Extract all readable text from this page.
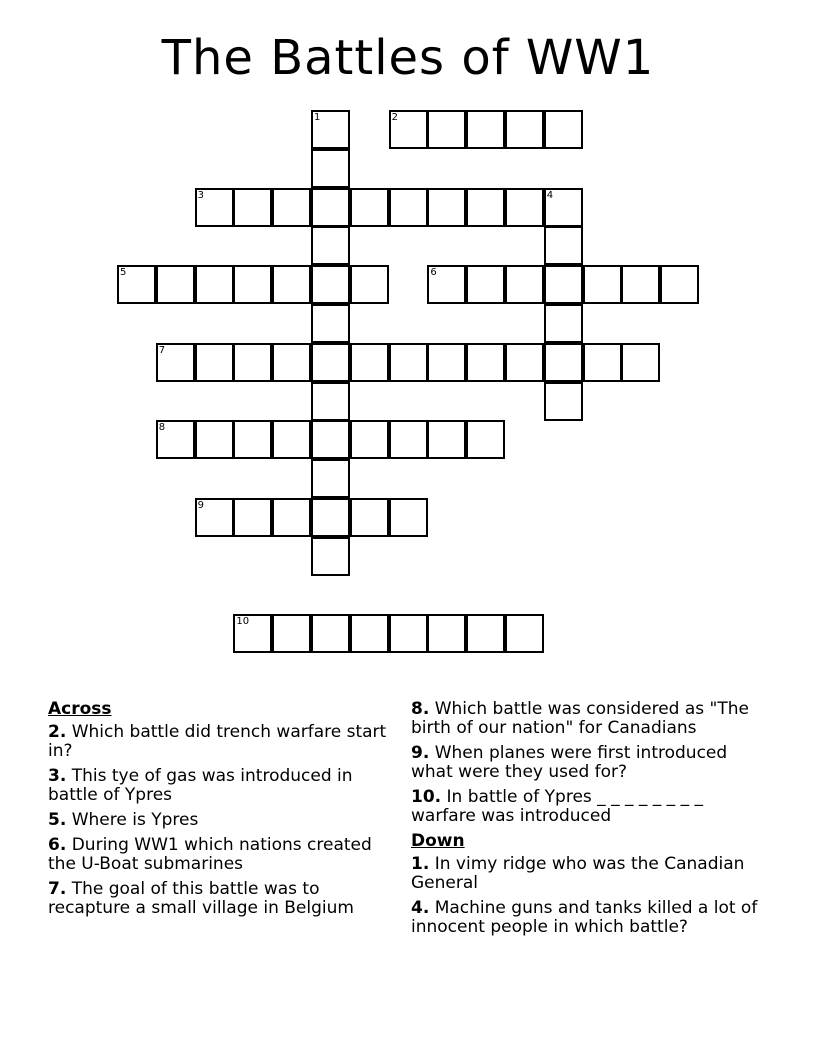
The Battles of WW1
1	2
3	4
5	6
7
8
9
10
Across
2. Which battle did trench warfare start in?
3. This tye of gas was introduced in battle of Ypres
5. Where is Ypres
6. During WW1 which nations created the U-Boat submarines
7. The goal of this battle was to recapture a small village in Belgium
8. Which battle was considered as "The birth of our nation" for Canadians
9. When planes were first introduced what were they used for?
10. In battle of Ypres _ _ _ _ _ _ _ _ warfare was introduced
Down
1. In vimy ridge who was the Canadian General
4. Machine guns and tanks killed a lot of innocent people in which battle?
